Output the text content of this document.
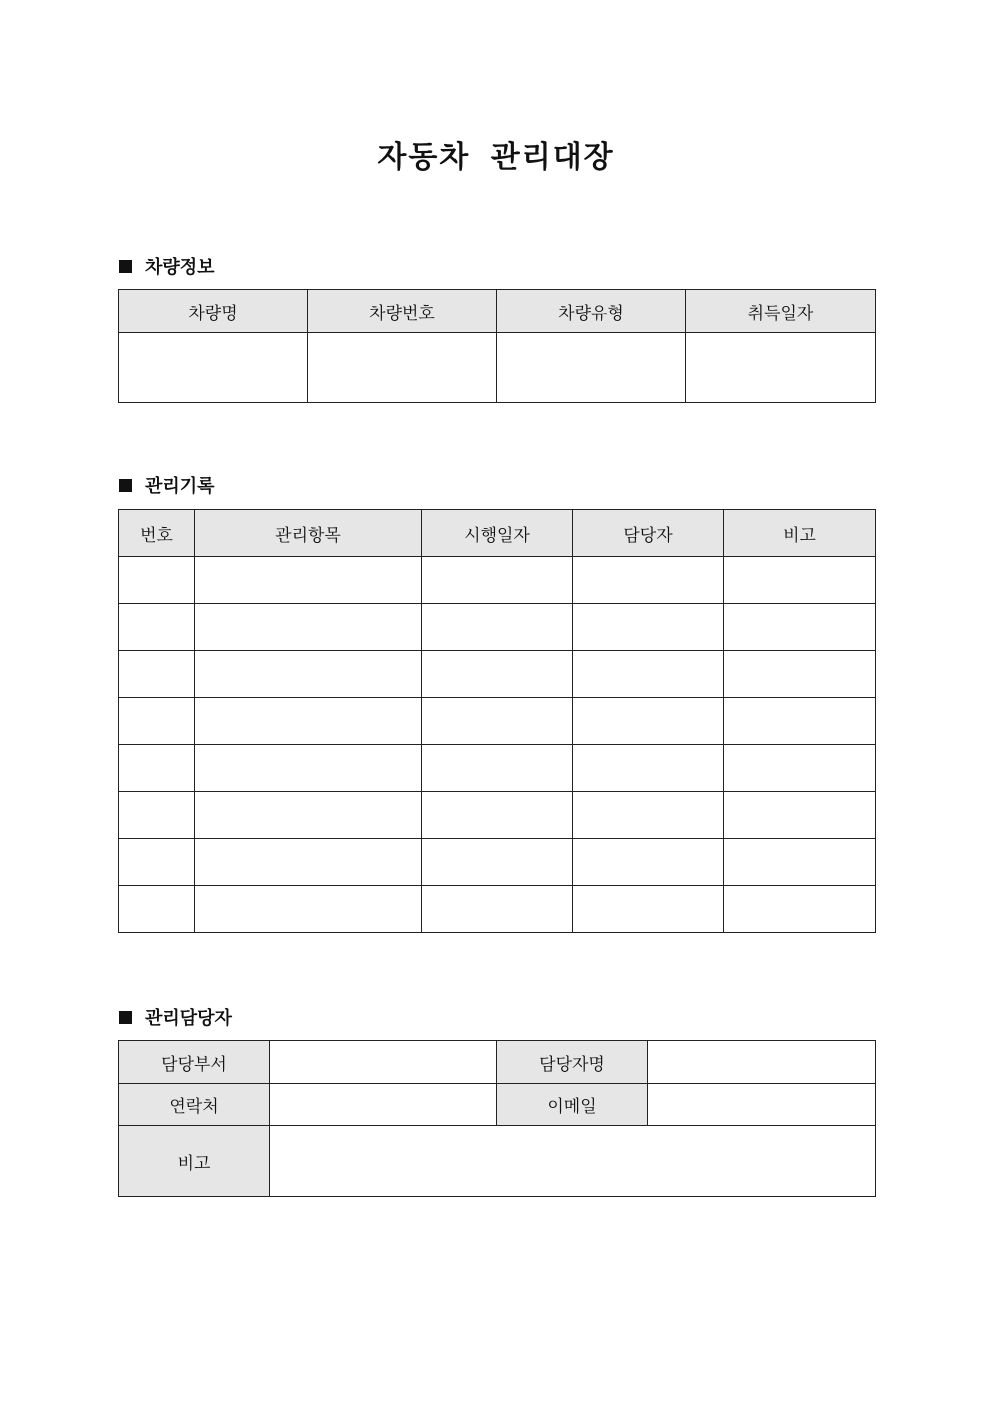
자동차 관리대장
차량정보
차량명	차량번호	차량유형	취득일자

관리기록
번호	관리항목	시행일자	담당자	비고

관리담당자
담당부서		담당자명	
연락처		이메일	
비고			
